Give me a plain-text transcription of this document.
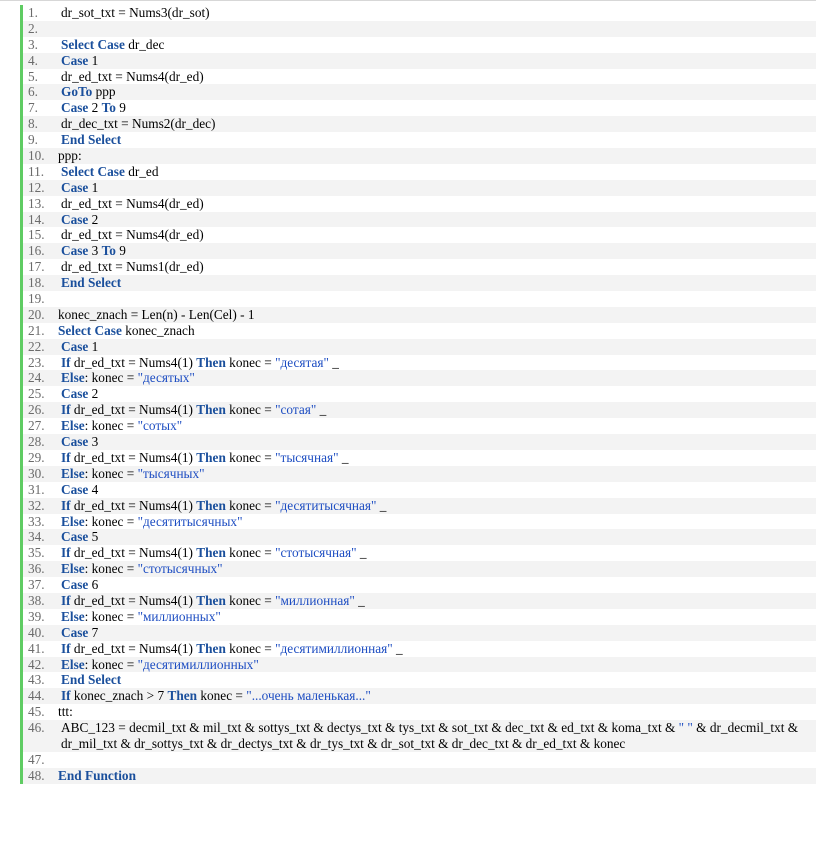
1. dr_sot_txt = Nums3(dr_sot)
2.
3. Select Case dr_dec
4. Case 1
5. dr_ed_txt = Nums4(dr_ed)
6. GoTo ppp
7. Case 2 To 9
8. dr_dec_txt = Nums2(dr_dec)
9. End Select
10. ppp:
11. Select Case dr_ed
12. Case 1
13. dr_ed_txt = Nums4(dr_ed)
14. Case 2
15. dr_ed_txt = Nums4(dr_ed)
16. Case 3 To 9
17. dr_ed_txt = Nums1(dr_ed)
18. End Select
19.
20. konec_znach = Len(n) - Len(Cel) - 1
21. Select Case konec_znach
22. Case 1
23. If dr_ed_txt = Nums4(1) Then konec = "десятая" _
24. Else: konec = "десятых"
25. Case 2
26. If dr_ed_txt = Nums4(1) Then konec = "сотая" _
27. Else: konec = "сотых"
28. Case 3
29. If dr_ed_txt = Nums4(1) Then konec = "тысячная" _
30. Else: konec = "тысячных"
31. Case 4
32. If dr_ed_txt = Nums4(1) Then konec = "десятитысячная" _
33. Else: konec = "десятитысячных"
34. Case 5
35. If dr_ed_txt = Nums4(1) Then konec = "стотысячная" _
36. Else: konec = "стотысячных"
37. Case 6
38. If dr_ed_txt = Nums4(1) Then konec = "миллионная" _
39. Else: konec = "миллионных"
40. Case 7
41. If dr_ed_txt = Nums4(1) Then konec = "десятимиллионная" _
42. Else: konec = "десятимиллионных"
43. End Select
44. If konec_znach > 7 Then konec = "...очень маленькая..."
45. ttt:
46. ABC_123 = decmil_txt & mil_txt & sottys_txt & dectys_txt & tys_txt & sot_txt & dec_txt & ed_txt & koma_txt & " " & dr_decmil_txt & dr_mil_txt & dr_sottys_txt & dr_dectys_txt & dr_tys_txt & dr_sot_txt & dr_dec_txt & dr_ed_txt & konec
47.
48. End Function
